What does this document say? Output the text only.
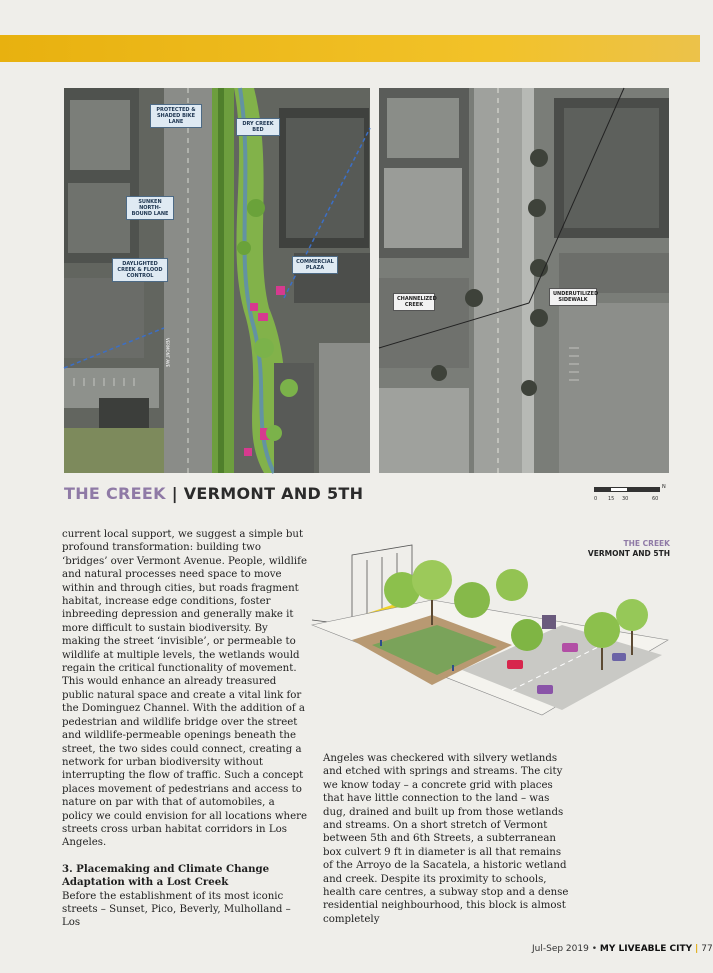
PROTECTED & SHADED BIKE LANE	DRY CREEK BED
SUNKEN NORTH-BOUND LANE
DAYLIGHTED CREEK & FLOOD CONTROL
COMMERCIAL PLAZA
VERMONT AVE
CHANNELIZED CREEK
UNDERUTILIZED SIDEWALK
THE CREEK | VERMONT AND 5TH	N
0 15 30	60

current local support, we suggest a simple but profound transformation: building two ‘bridges’ over Vermont Avenue. People, wildlife and natural processes need space to move within and through cities, but roads fragment habitat, increase edge conditions, foster inbreeding depression and generally make it more difficult to sustain biodiversity. By making the street ‘invisible’, or permeable to wildlife at multiple levels, the wetlands would regain the critical functionality of movement. This would enhance an already treasured public natural space and create a vital link for the Dominguez Channel. With the addition of a pedestrian and wildlife bridge over the street and wildlife-permeable openings beneath the street, the two sides could connect, creating a network for urban biodiversity without interrupting the flow of traffic. Such a concept places movement of pedestrians and access to nature on par with that of automobiles, a policy we could envision for all locations where streets cross urban habitat corridors in Los Angeles.

3. Placemaking and Climate Change Adaptation with a Lost Creek

Before the establishment of its most iconic streets – Sunset, Pico, Beverly, Mulholland – Los

THE CREEK
VERMONT AND 5TH

Angeles was checkered with silvery wetlands and etched with springs and streams. The city we know today – a concrete grid with places that have little connection to the land – was dug, drained and built up from those wetlands and streams. On a short stretch of Vermont between 5th and 6th Streets, a subterranean box culvert 9 ft in diameter is all that remains of the Arroyo de la Sacatela, a historic wetland and creek. Despite its proximity to schools, health care centres, a subway stop and a dense residential neighbourhood, this block is almost completely

Jul-Sep 2019 • MY LIVEABLE CITY | 77
